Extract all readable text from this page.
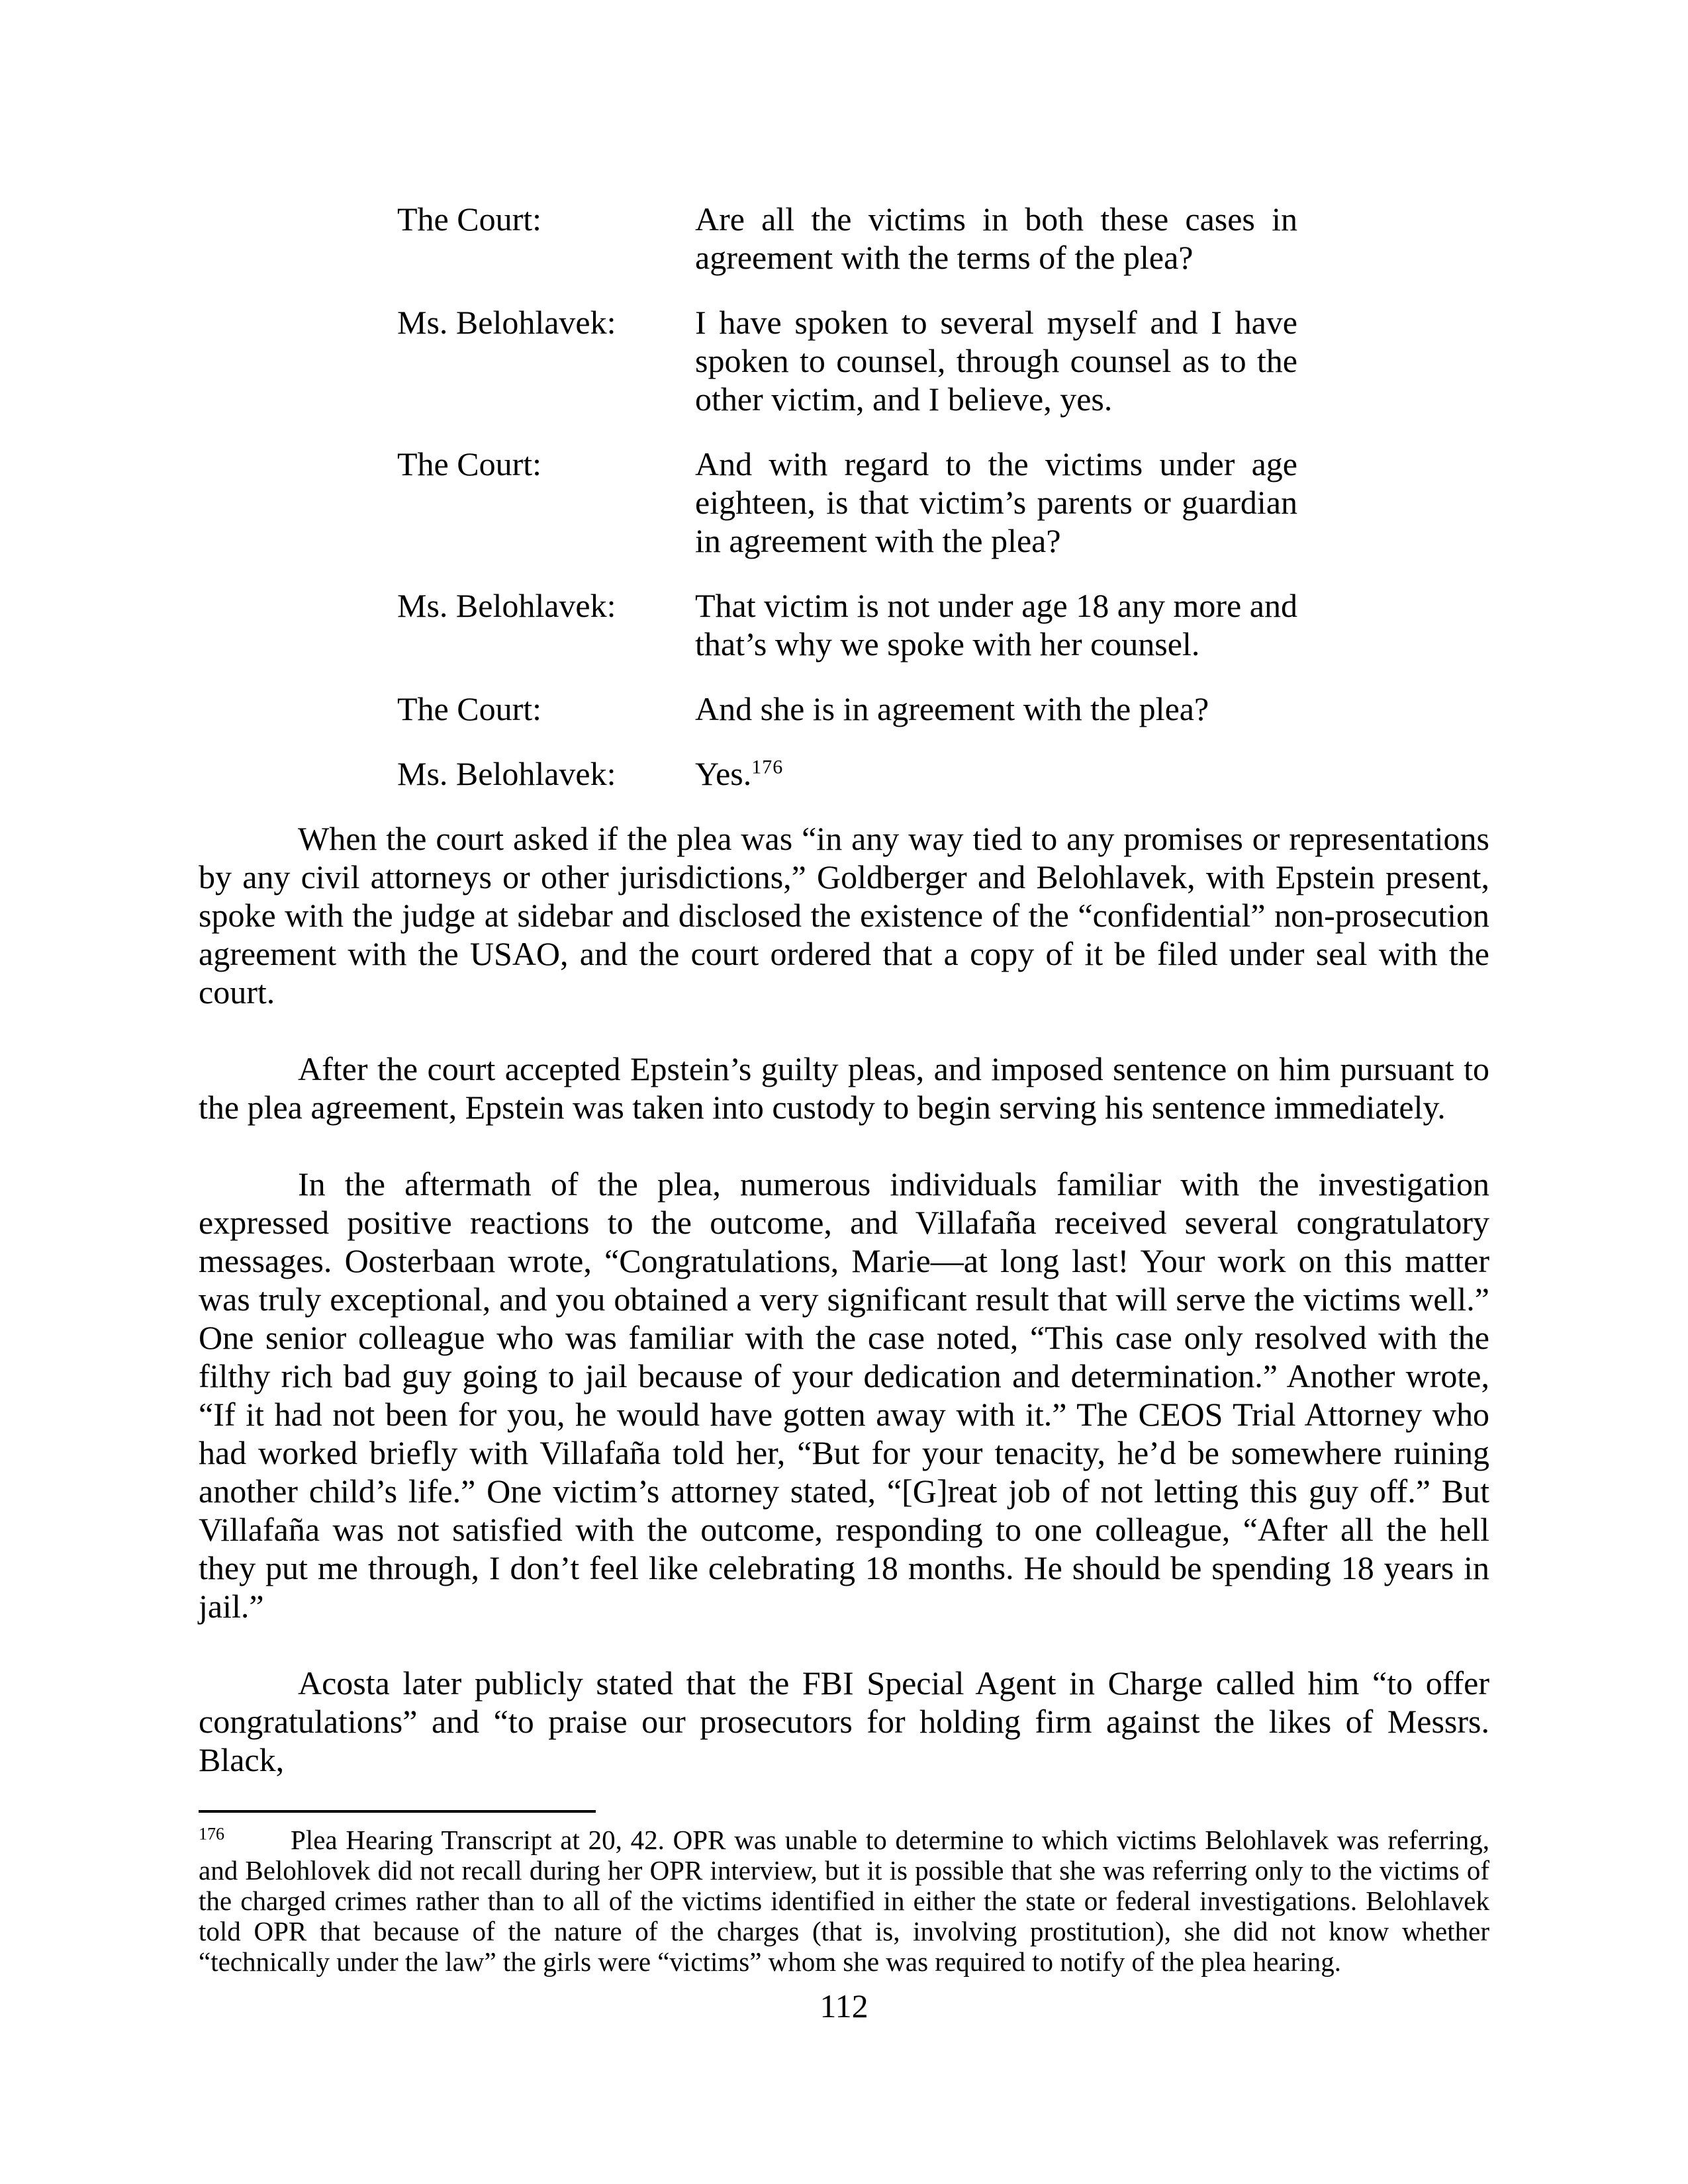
The Court:	Are all the victims in both these cases in agreement with the terms of the plea?
Ms. Belohlavek:	I have spoken to several myself and I have spoken to counsel, through counsel as to the other victim, and I believe, yes.
The Court:	And with regard to the victims under age eighteen, is that victim’s parents or guardian in agreement with the plea?
Ms. Belohlavek:	That victim is not under age 18 any more and that’s why we spoke with her counsel.
The Court:	And she is in agreement with the plea?
Ms. Belohlavek:	Yes.$^{176}$

When the court asked if the plea was “in any way tied to any promises or representations by any civil attorneys or other jurisdictions,” Goldberger and Belohlavek, with Epstein present, spoke with the judge at sidebar and disclosed the existence of the “confidential” non-prosecution agreement with the USAO, and the court ordered that a copy of it be filed under seal with the court.

After the court accepted Epstein’s guilty pleas, and imposed sentence on him pursuant to the plea agreement, Epstein was taken into custody to begin serving his sentence immediately.

In the aftermath of the plea, numerous individuals familiar with the investigation expressed positive reactions to the outcome, and Villafaña received several congratulatory messages. Oosterbaan wrote, “Congratulations, Marie—at long last! Your work on this matter was truly exceptional, and you obtained a very significant result that will serve the victims well.” One senior colleague who was familiar with the case noted, “This case only resolved with the filthy rich bad guy going to jail because of your dedication and determination.” Another wrote, “If it had not been for you, he would have gotten away with it.” The CEOS Trial Attorney who had worked briefly with Villafaña told her, “But for your tenacity, he’d be somewhere ruining another child’s life.” One victim’s attorney stated, “[G]reat job of not letting this guy off.” But Villafaña was not satisfied with the outcome, responding to one colleague, “After all the hell they put me through, I don’t feel like celebrating 18 months. He should be spending 18 years in jail.”

Acosta later publicly stated that the FBI Special Agent in Charge called him “to offer congratulations” and “to praise our prosecutors for holding firm against the likes of Messrs. Black,

$^{176}$ Plea Hearing Transcript at 20, 42. OPR was unable to determine to which victims Belohlavek was referring, and Belohlovek did not recall during her OPR interview, but it is possible that she was referring only to the victims of the charged crimes rather than to all of the victims identified in either the state or federal investigations. Belohlavek told OPR that because of the nature of the charges (that is, involving prostitution), she did not know whether “technically under the law” the girls were “victims” whom she was required to notify of the plea hearing.

112
